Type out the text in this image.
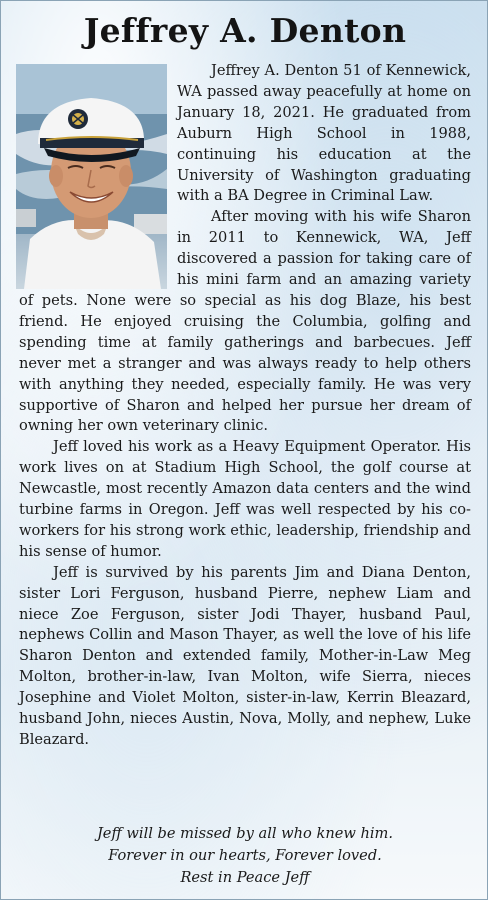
Jeffrey A. Denton

Jeffrey A. Denton 51 of Kennewick, WA passed away peacefully at home on January 18, 2021. He graduated from Auburn High School in 1988, continuing his education at the University of Washington graduating with a BA Degree in Criminal Law.

After moving with his wife Sharon in 2011 to Kennewick, WA, Jeff discovered a passion for taking care of his mini farm and an amazing variety of pets. None were so special as his dog Blaze, his best friend. He enjoyed cruising the Columbia, golfing and spending time at family gatherings and barbecues. Jeff never met a stranger and was always ready to help others with anything they needed, especially family. He was very supportive of Sharon and helped her pursue her dream of owning her own veterinary clinic.

Jeff loved his work as a Heavy Equipment Operator. His work lives on at Stadium High School, the golf course at Newcastle, most recently Amazon data centers and the wind turbine farms in Oregon. Jeff was well respected by his co-workers for his strong work ethic, leadership, friendship and his sense of humor.

Jeff is survived by his parents Jim and Diana Denton, sister Lori Ferguson, husband Pierre, nephew Liam and niece Zoe Ferguson, sister Jodi Thayer, husband Paul, nephews Collin and Mason Thayer, as well the love of his life Sharon Denton and extended family, Mother-in-Law Meg Molton, brother-in-law, Ivan Molton, wife Sierra, nieces Josephine and Violet Molton, sister-in-law, Kerrin Bleazard, husband John, nieces Austin, Nova, Molly, and nephew, Luke Bleazard.

Jeff will be missed by all who knew him.
Forever in our hearts, Forever loved.
Rest in Peace Jeff
